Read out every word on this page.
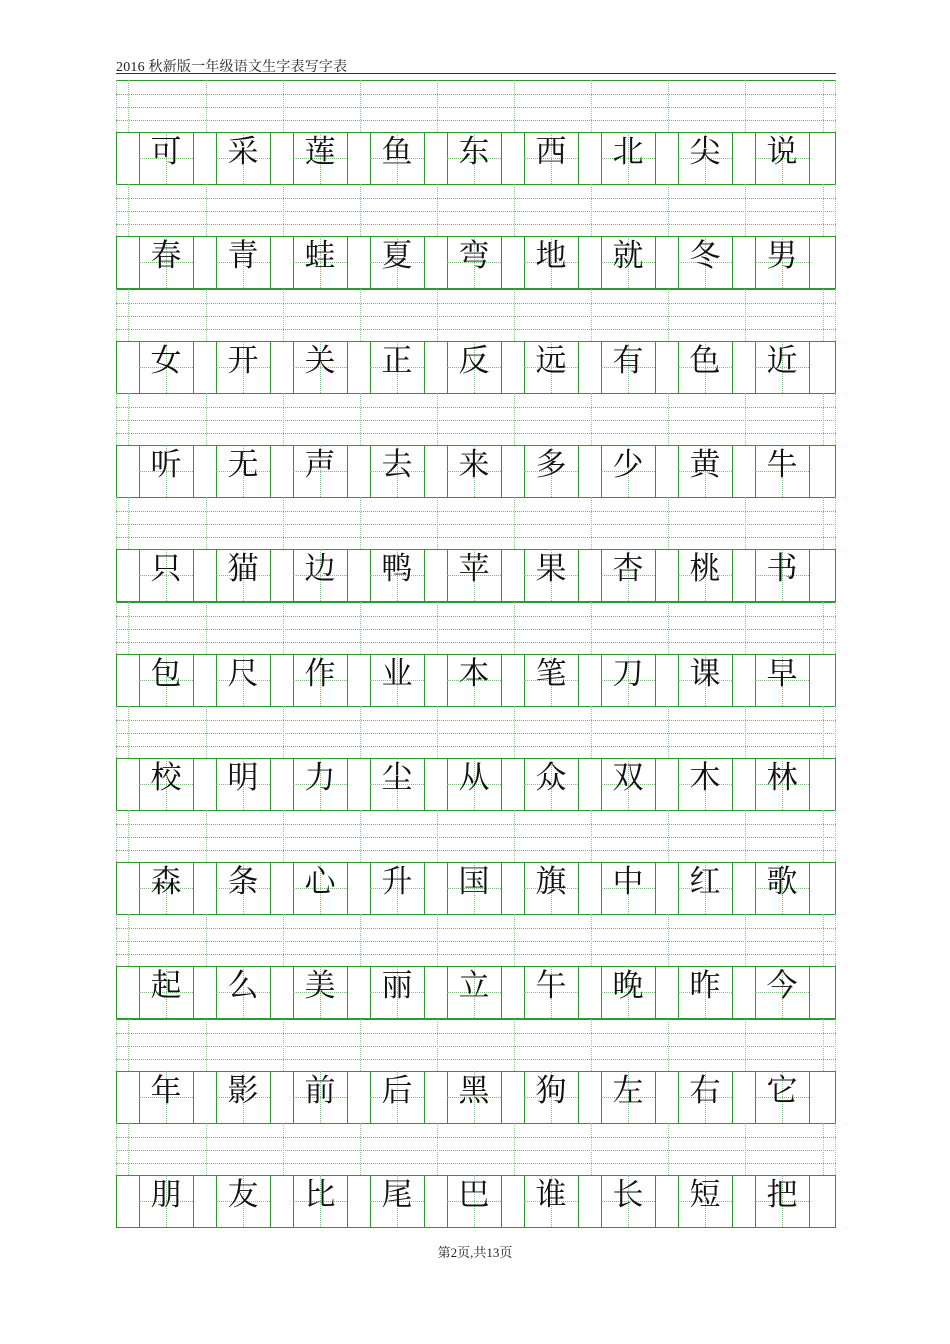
2016 秋新版一年级语文生字表写字表
可	采	莲	鱼	东	西	北	尖	说
春	青	蛙	夏	弯	地	就	冬	男
女	开	关	正	反	远	有	色	近
听	无	声	去	来	多	少	黄	牛
只	猫	边	鸭	苹	果	杏	桃	书
包	尺	作	业	本	笔	刀	课	早
校	明	力	尘	从	众	双	木	林
森	条	心	升	国	旗	中	红	歌
起	么	美	丽	立	午	晚	昨	今
年	影	前	后	黑	狗	左	右	它
朋	友	比	尾	巴	谁	长	短	把
第2页,共13页
